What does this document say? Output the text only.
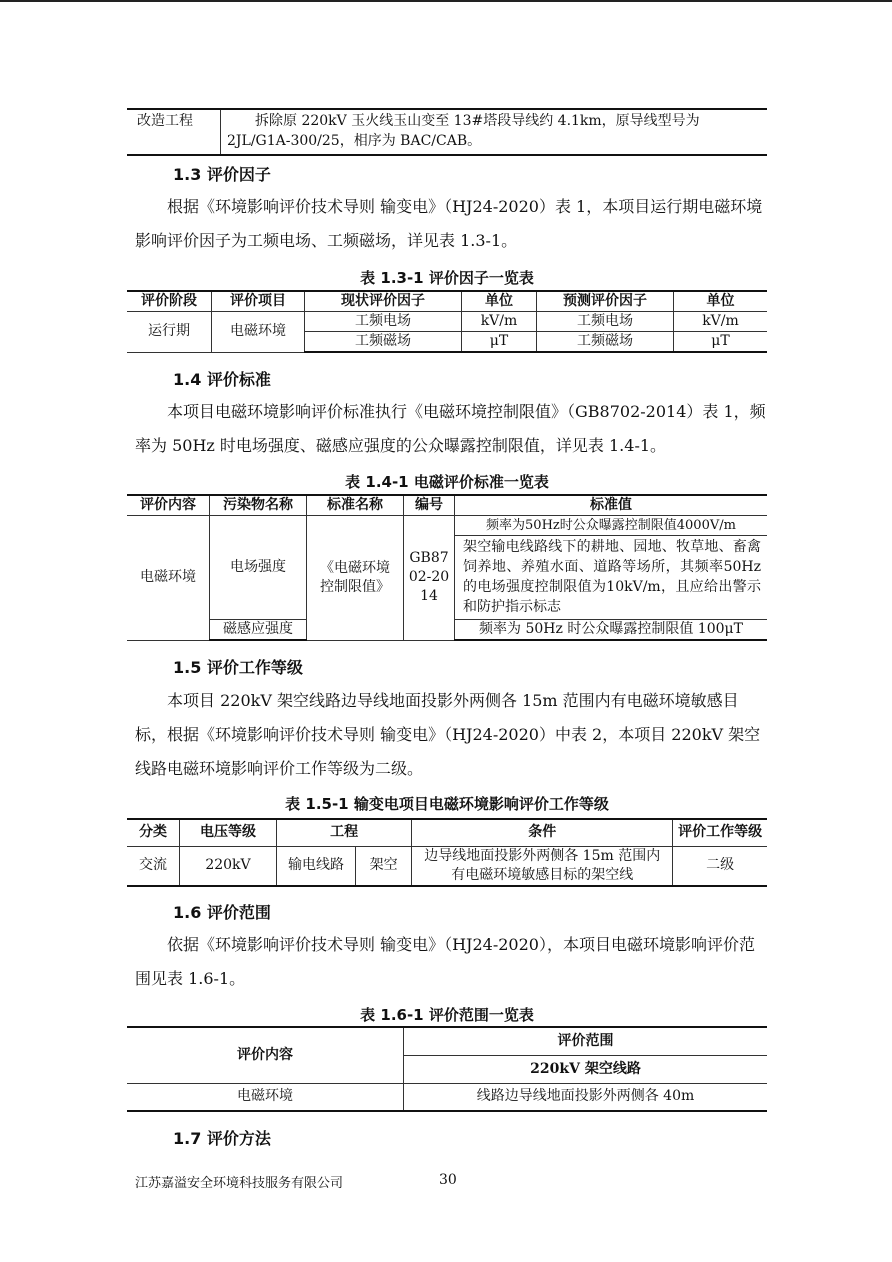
改造工程	拆除原 220kV 玉火线玉山变至 13#塔段导线约 4.1km，原导线型号为 2JL/G1A-300/25，相序为 BAC/CAB。
1.3 评价因子
根据《环境影响评价技术导则 输变电》（HJ24-2020）表 1，本项目运行期电磁环境影响评价因子为工频电场、工频磁场，详见表 1.3-1。
表 1.3-1 评价因子一览表
评价阶段	评价项目	现状评价因子	单位	预测评价因子	单位
运行期	电磁环境	工频电场	kV/m	工频电场	kV/m
		工频磁场	μT	工频磁场	μT
1.4 评价标准
本项目电磁环境影响评价标准执行《电磁环境控制限值》（GB8702-2014）表 1，频率为 50Hz 时电场强度、磁感应强度的公众曝露控制限值，详见表 1.4-1。
表 1.4-1 电磁评价标准一览表
评价内容	污染物名称	标准名称	编号	标准值
电磁环境	电场强度	《电磁环境控制限值》	GB8702-2014	频率为50Hz时公众曝露控制限值4000V/m
				架空输电线路线下的耕地、园地、牧草地、畜禽饲养地、养殖水面、道路等场所，其频率50Hz的电场强度控制限值为10kV/m，且应给出警示和防护指示标志
	磁感应强度			频率为 50Hz 时公众曝露控制限值 100μT
1.5 评价工作等级
本项目 220kV 架空线路边导线地面投影外两侧各 15m 范围内有电磁环境敏感目标，根据《环境影响评价技术导则 输变电》（HJ24-2020）中表 2，本项目 220kV 架空线路电磁环境影响评价工作等级为二级。
表 1.5-1 输变电项目电磁环境影响评价工作等级
分类	电压等级	工程		条件	评价工作等级
交流	220kV	输电线路	架空	边导线地面投影外两侧各 15m 范围内有电磁环境敏感目标的架空线	二级
1.6 评价范围
依据《环境影响评价技术导则 输变电》（HJ24-2020），本项目电磁环境影响评价范围见表 1.6-1。
表 1.6-1 评价范围一览表
评价内容	评价范围
	220kV 架空线路
电磁环境	线路边导线地面投影外两侧各 40m
1.7 评价方法
江苏嘉溢安全环境科技服务有限公司	30
